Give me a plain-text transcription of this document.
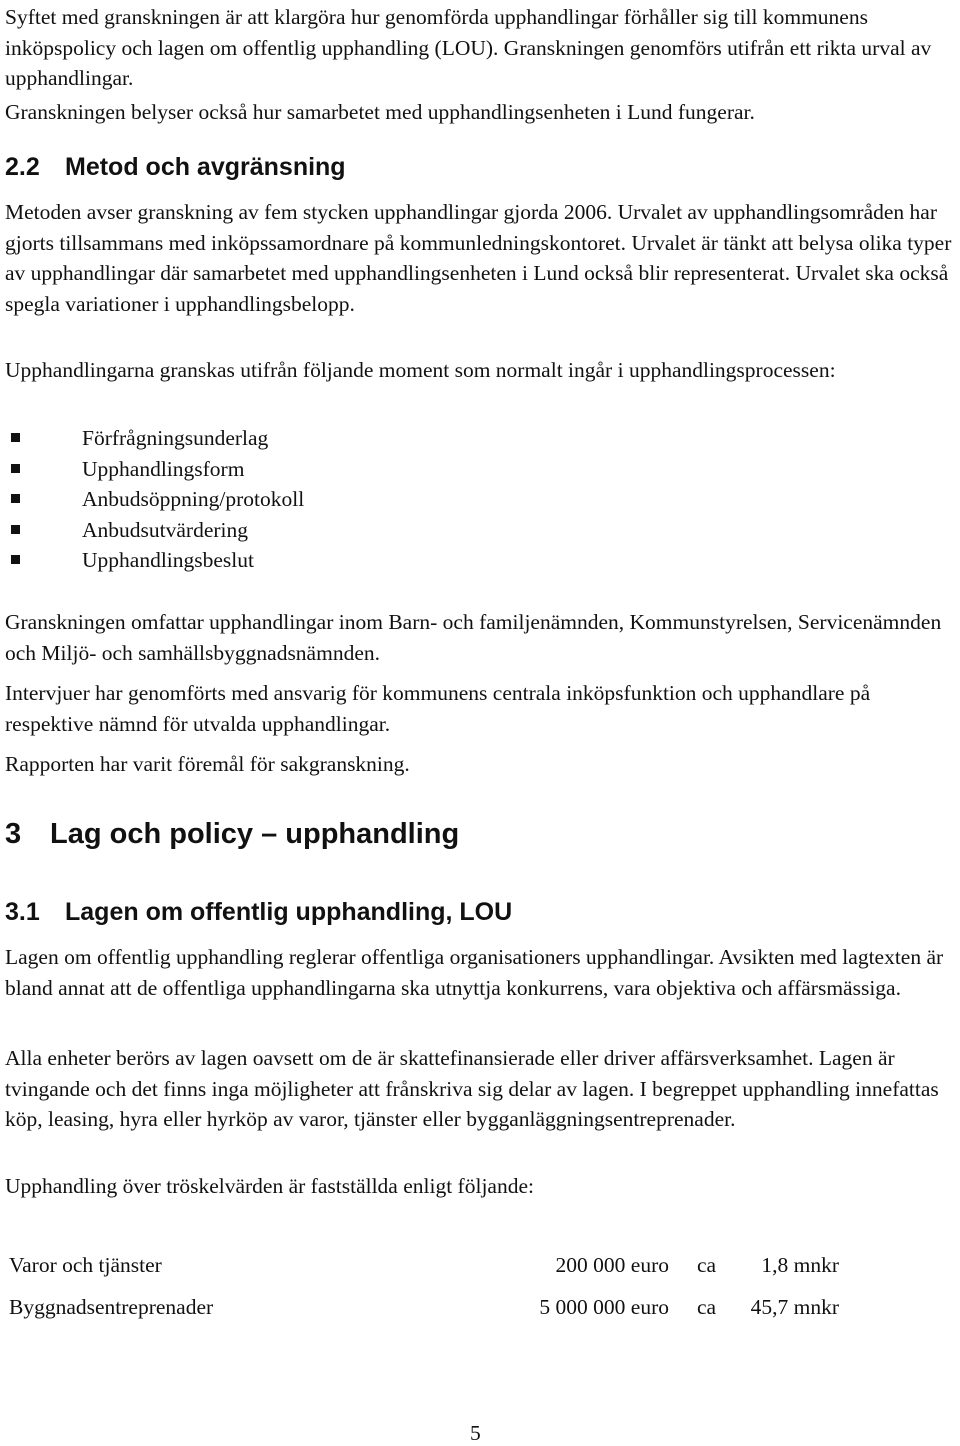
Syftet med granskningen är att klargöra hur genomförda upphandlingar förhåller sig till kommunens inköpspolicy och lagen om offentlig upphandling (LOU). Granskningen genomförs utifrån ett rikta urval av upphandlingar.

Granskningen belyser också hur samarbetet med upphandlingsenheten i Lund fungerar.

2.2 Metod och avgränsning

Metoden avser granskning av fem stycken upphandlingar gjorda 2006. Urvalet av upphandlingsområden har gjorts tillsammans med inköpssamordnare på kommunledningskontoret. Urvalet är tänkt att belysa olika typer av upphandlingar där samarbetet med upphandlingsenheten i Lund också blir representerat. Urvalet ska också spegla variationer i upphandlingsbelopp.

Upphandlingarna granskas utifrån följande moment som normalt ingår i upphandlingsprocessen:

Förfrågningsunderlag
Upphandlingsform
Anbudsöppning/protokoll
Anbudsutvärdering
Upphandlingsbeslut

Granskningen omfattar upphandlingar inom Barn- och familjenämnden, Kommunstyrelsen, Servicenämnden och Miljö- och samhällsbyggnadsnämnden.

Intervjuer har genomförts med ansvarig för kommunens centrala inköpsfunktion och upphandlare på respektive nämnd för utvalda upphandlingar.

Rapporten har varit föremål för sakgranskning.

3 Lag och policy – upphandling
3.1 Lagen om offentlig upphandling, LOU

Lagen om offentlig upphandling reglerar offentliga organisationers upphandlingar. Avsikten med lagtexten är bland annat att de offentliga upphandlingarna ska utnyttja konkurrens, vara objektiva och affärsmässiga.

Alla enheter berörs av lagen oavsett om de är skattefinansierade eller driver affärsverksamhet. Lagen är tvingande och det finns inga möjligheter att frånskriva sig delar av lagen. I begreppet upphandling innefattas köp, leasing, hyra eller hyrköp av varor, tjänster eller bygganläggningsentreprenader.

Upphandling över tröskelvärden är fastställda enligt följande:

Varor och tjänster	200 000 euro ca 1,8 mnkr
Byggnadsentreprenader	5 000 000 euro ca 45,7 mnkr
5
